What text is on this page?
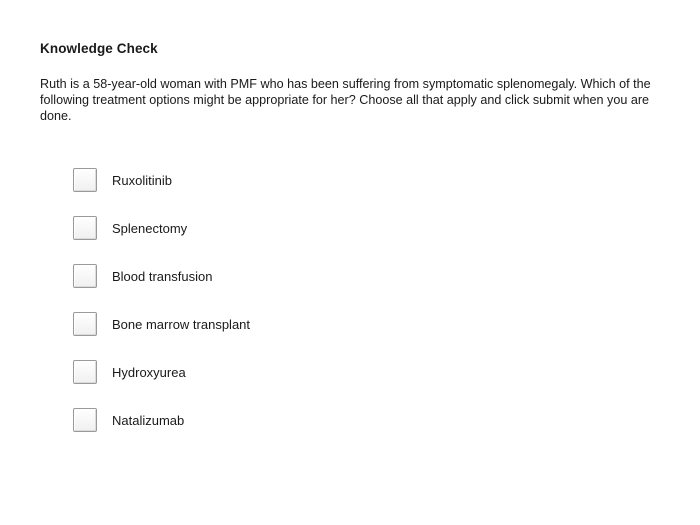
Knowledge Check
Ruth is a 58-year-old woman with PMF who has been suffering from symptomatic splenomegaly. Which of the following treatment options might be appropriate for her? Choose all that apply and click submit when you are done.
Ruxolitinib
Splenectomy
Blood transfusion
Bone marrow transplant
Hydroxyurea
Natalizumab
